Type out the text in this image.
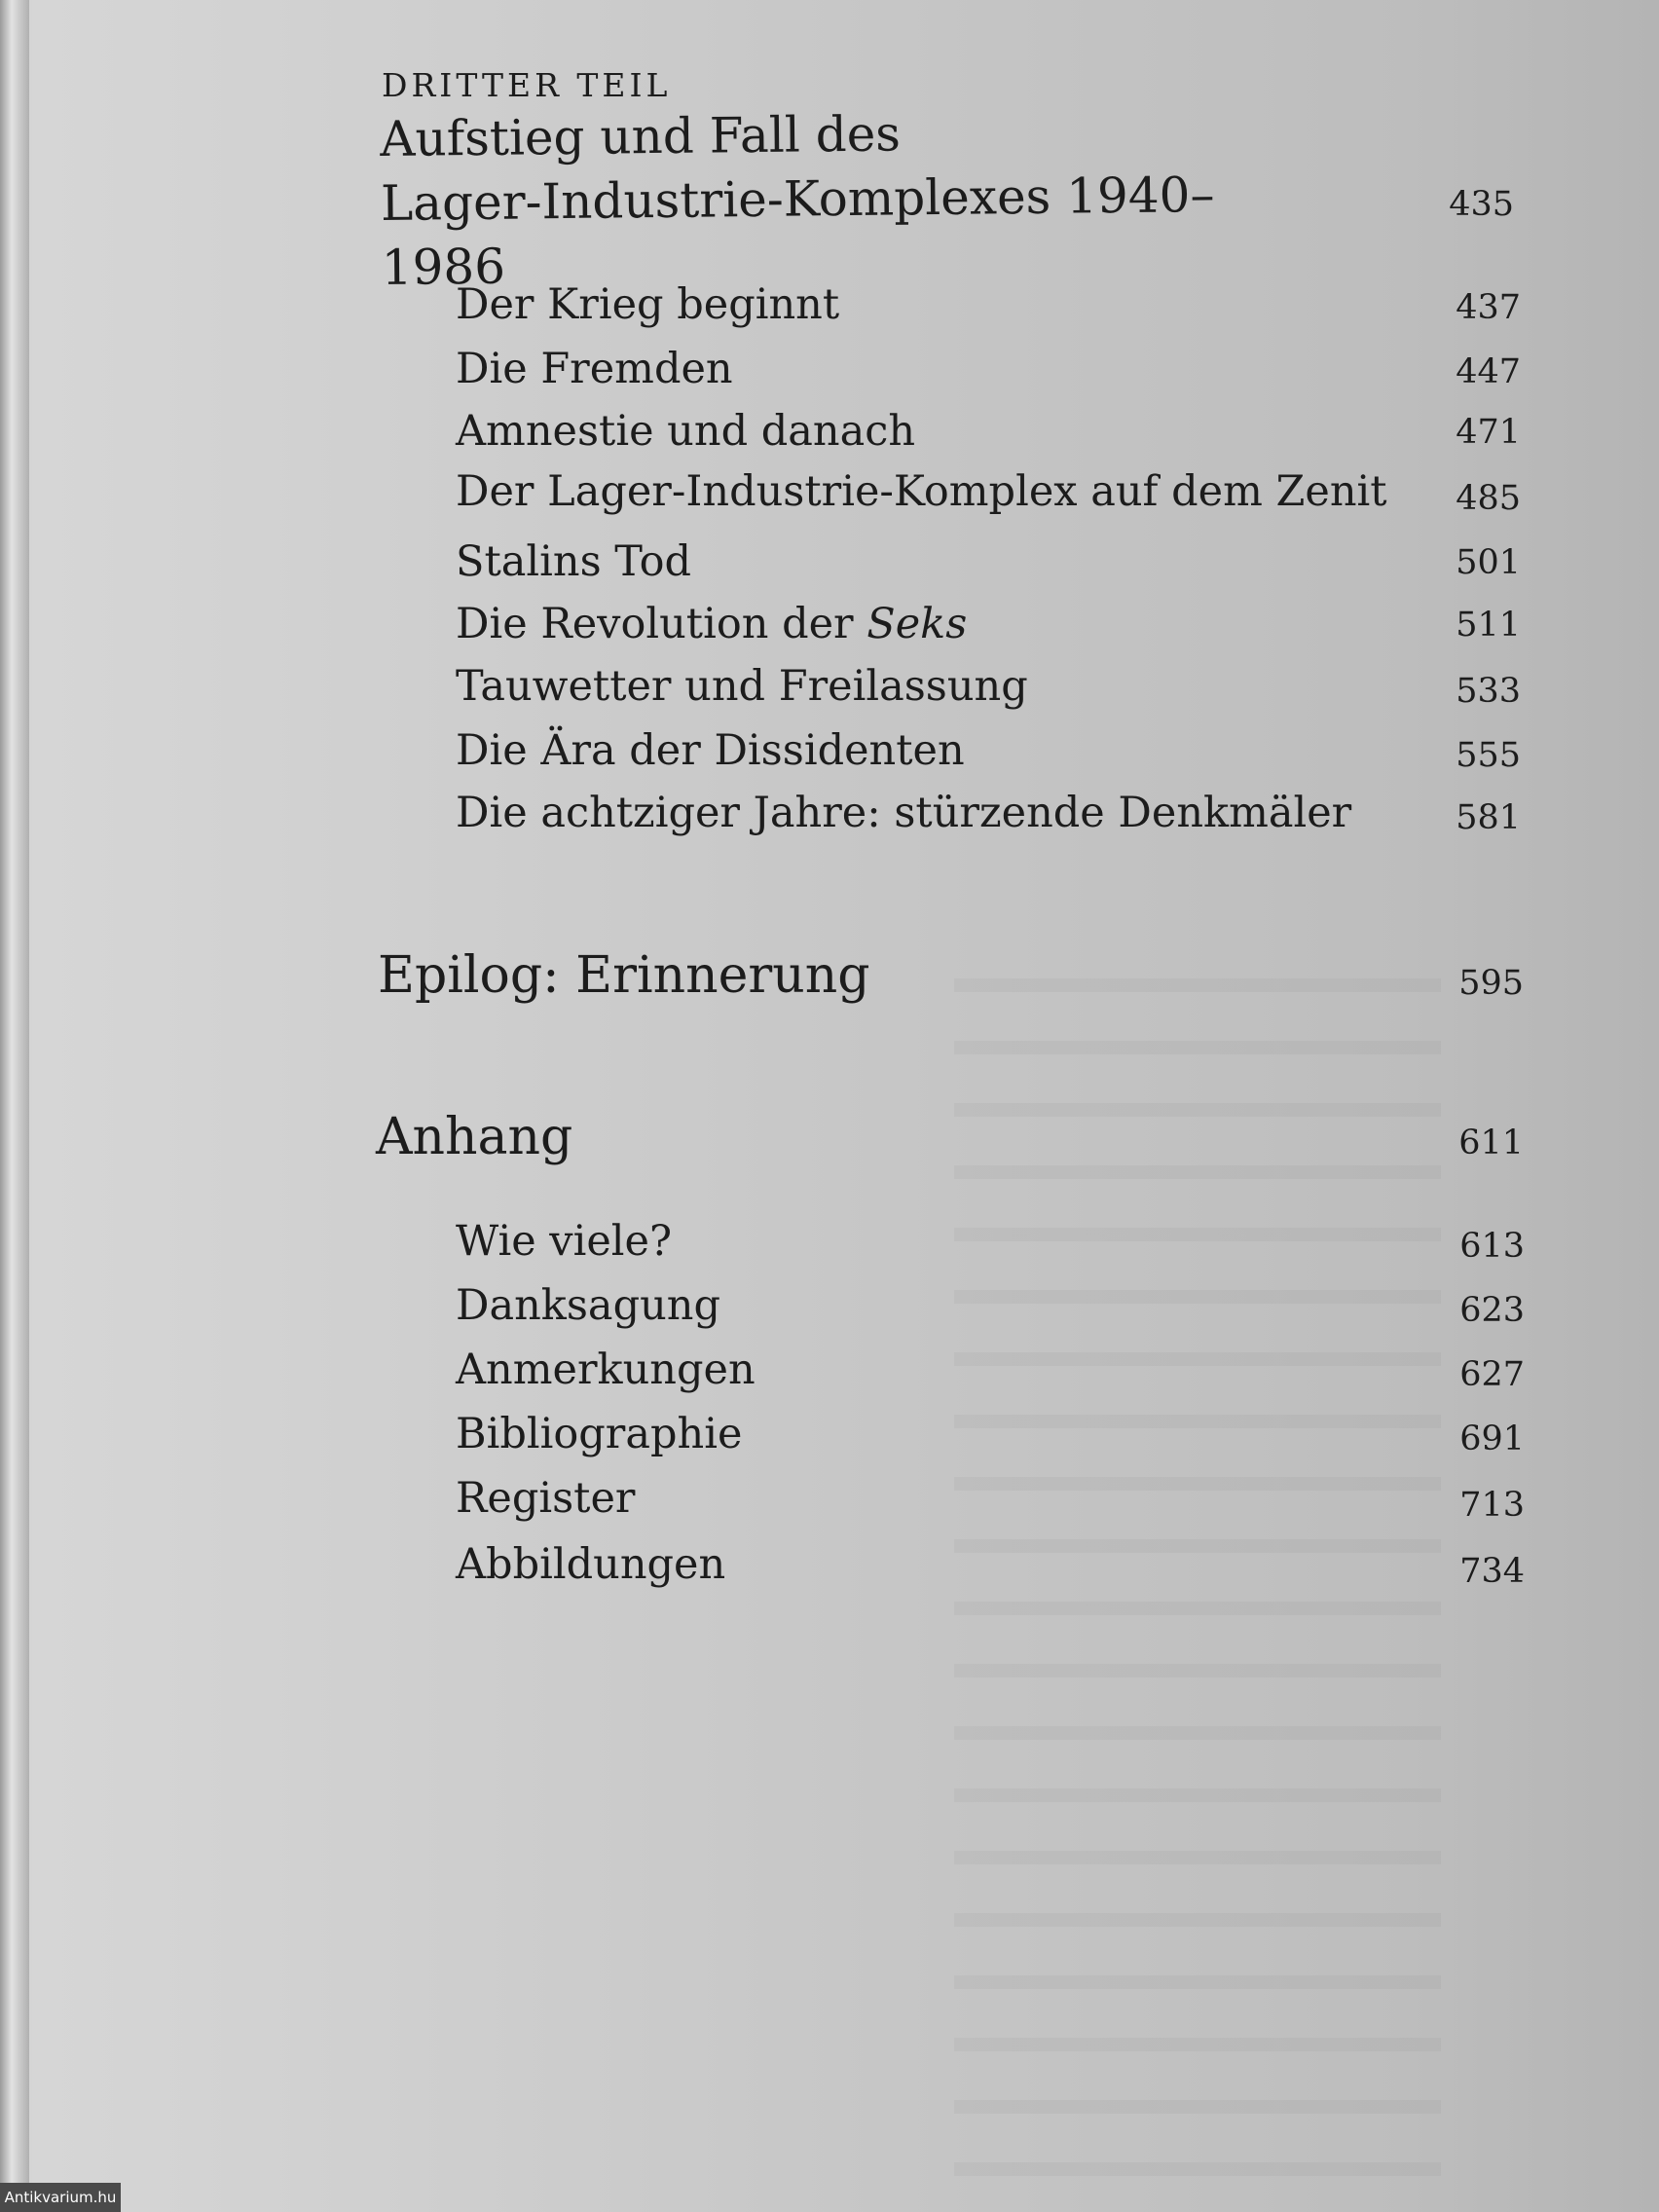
DRITTER TEIL
Aufstieg und Fall des
Lager-Industrie-Komplexes 1940–1986
435
Der Krieg beginnt	437
Die Fremden	447
Amnestie und danach	471
Der Lager-Industrie-Komplex auf dem Zenit	485
Stalins Tod	501
Die Revolution der Seks	511
Tauwetter und Freilassung	533
Die Ära der Dissidenten	555
Die achtziger Jahre: stürzende Denkmäler	581
Epilog: Erinnerung	595
Anhang	611
Wie viele?	613
Danksagung	623
Anmerkungen	627
Bibliographie	691
Register	713
Abbildungen	734
Antikvarium.hu
